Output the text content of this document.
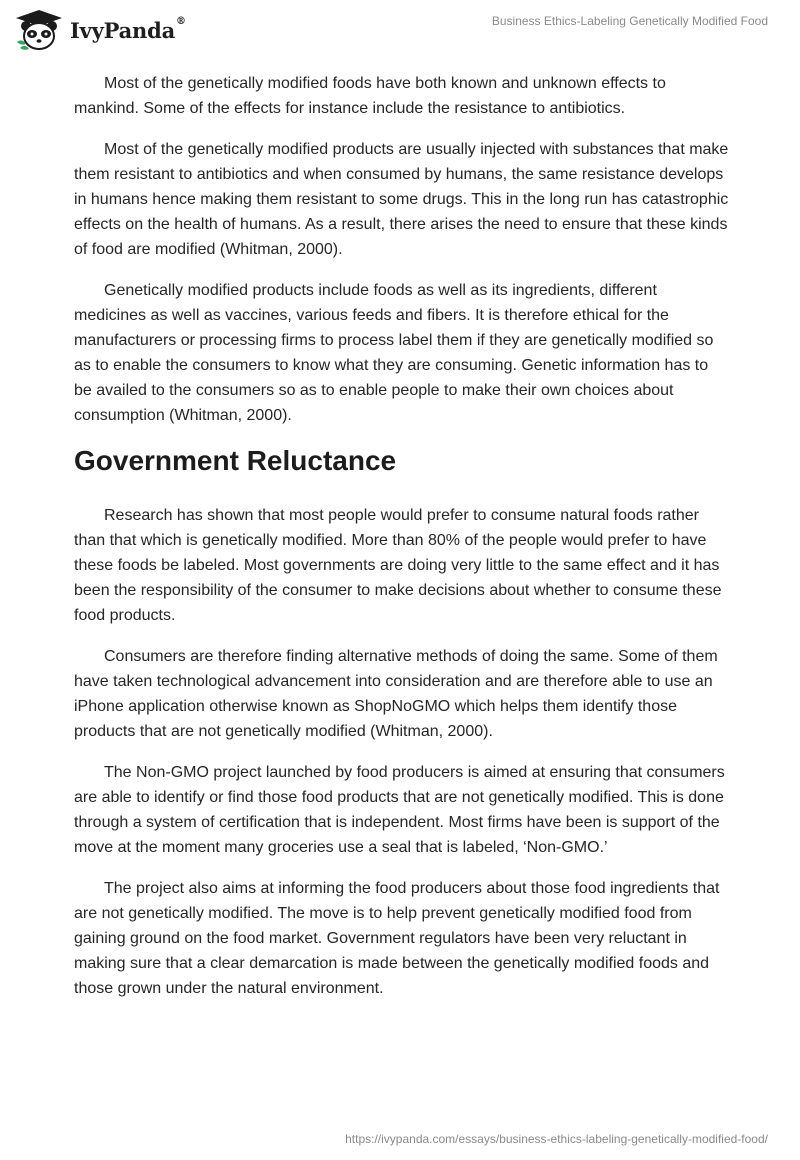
IvyPanda®	Business Ethics-Labeling Genetically Modified Food

Most of the genetically modified foods have both known and unknown effects to mankind. Some of the effects for instance include the resistance to antibiotics.

Most of the genetically modified products are usually injected with substances that make them resistant to antibiotics and when consumed by humans, the same resistance develops in humans hence making them resistant to some drugs. This in the long run has catastrophic effects on the health of humans. As a result, there arises the need to ensure that these kinds of food are modified (Whitman, 2000).

Genetically modified products include foods as well as its ingredients, different medicines as well as vaccines, various feeds and fibers. It is therefore ethical for the manufacturers or processing firms to process label them if they are genetically modified so as to enable the consumers to know what they are consuming. Genetic information has to be availed to the consumers so as to enable people to make their own choices about consumption (Whitman, 2000).

Government Reluctance

Research has shown that most people would prefer to consume natural foods rather than that which is genetically modified. More than 80% of the people would prefer to have these foods be labeled. Most governments are doing very little to the same effect and it has been the responsibility of the consumer to make decisions about whether to consume these food products.

Consumers are therefore finding alternative methods of doing the same. Some of them have taken technological advancement into consideration and are therefore able to use an iPhone application otherwise known as ShopNoGMO which helps them identify those products that are not genetically modified (Whitman, 2000).

The Non-GMO project launched by food producers is aimed at ensuring that consumers are able to identify or find those food products that are not genetically modified. This is done through a system of certification that is independent. Most firms have been is support of the move at the moment many groceries use a seal that is labeled, ‘Non-GMO.’

The project also aims at informing the food producers about those food ingredients that are not genetically modified. The move is to help prevent genetically modified food from gaining ground on the food market. Government regulators have been very reluctant in making sure that a clear demarcation is made between the genetically modified foods and those grown under the natural environment.

https://ivypanda.com/essays/business-ethics-labeling-genetically-modified-food/
